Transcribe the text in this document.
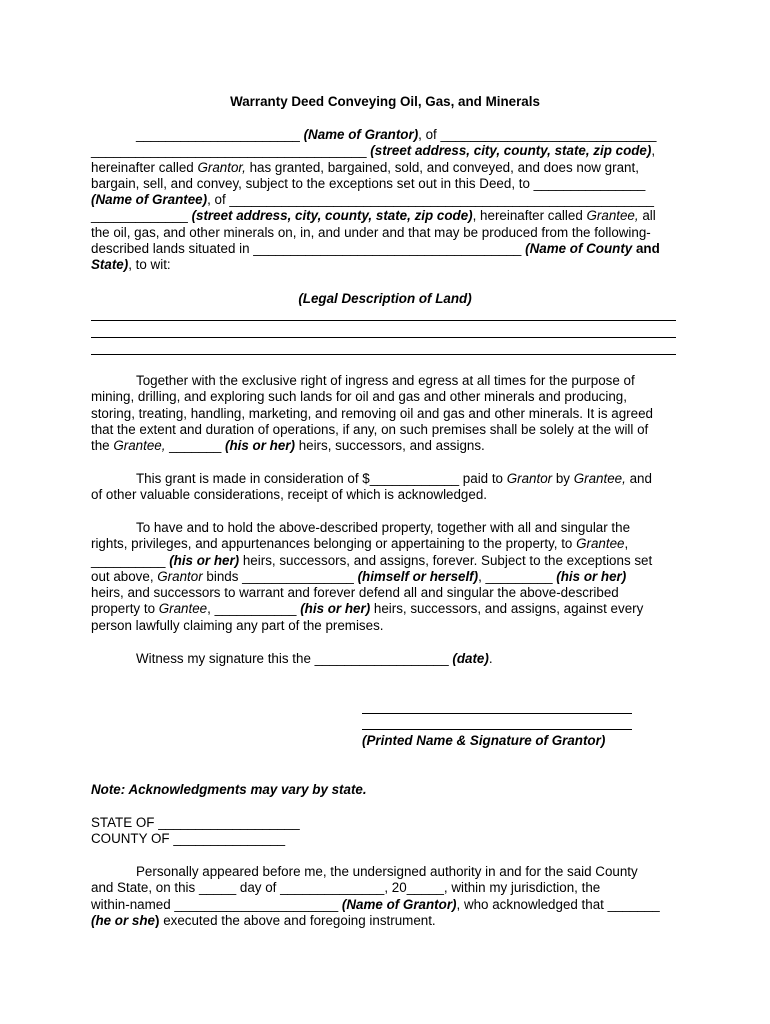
Warranty Deed Conveying Oil, Gas, and Minerals
______________________ (Name of Grantor), of _____________________________
_____________________________________ (street address, city, county, state, zip code),
hereinafter called Grantor, has granted, bargained, sold, and conveyed, and does now grant,
bargain, sell, and convey, subject to the exceptions set out in this Deed, to _______________
(Name of Grantee), of _________________________________________________________
_____________ (street address, city, county, state, zip code), hereinafter called Grantee, all
the oil, gas, and other minerals on, in, and under and that may be produced from the following-
described lands situated in ____________________________________ (Name of County and
State), to wit:
(Legal Description of Land)
Together with the exclusive right of ingress and egress at all times for the purpose of
mining, drilling, and exploring such lands for oil and gas and other minerals and producing,
storing, treating, handling, marketing, and removing oil and gas and other minerals. It is agreed
that the extent and duration of operations, if any, on such premises shall be solely at the will of
the Grantee, _______ (his or her) heirs, successors, and assigns.
This grant is made in consideration of $____________ paid to Grantor by Grantee, and
of other valuable considerations, receipt of which is acknowledged.
To have and to hold the above-described property, together with all and singular the
rights, privileges, and appurtenances belonging or appertaining to the property, to Grantee,
__________ (his or her) heirs, successors, and assigns, forever. Subject to the exceptions set
out above, Grantor binds _______________ (himself or herself), _________ (his or her)
heirs, and successors to warrant and forever defend all and singular the above-described
property to Grantee, ___________ (his or her) heirs, successors, and assigns, against every
person lawfully claiming any part of the premises.
Witness my signature this the __________________ (date).
(Printed Name & Signature of Grantor)
Note: Acknowledgments may vary by state.
STATE OF ___________________
COUNTY OF _______________
Personally appeared before me, the undersigned authority in and for the said County
and State, on this _____ day of ______________, 20_____, within my jurisdiction, the
within-named ______________________ (Name of Grantor), who acknowledged that _______
(he or she) executed the above and foregoing instrument.
